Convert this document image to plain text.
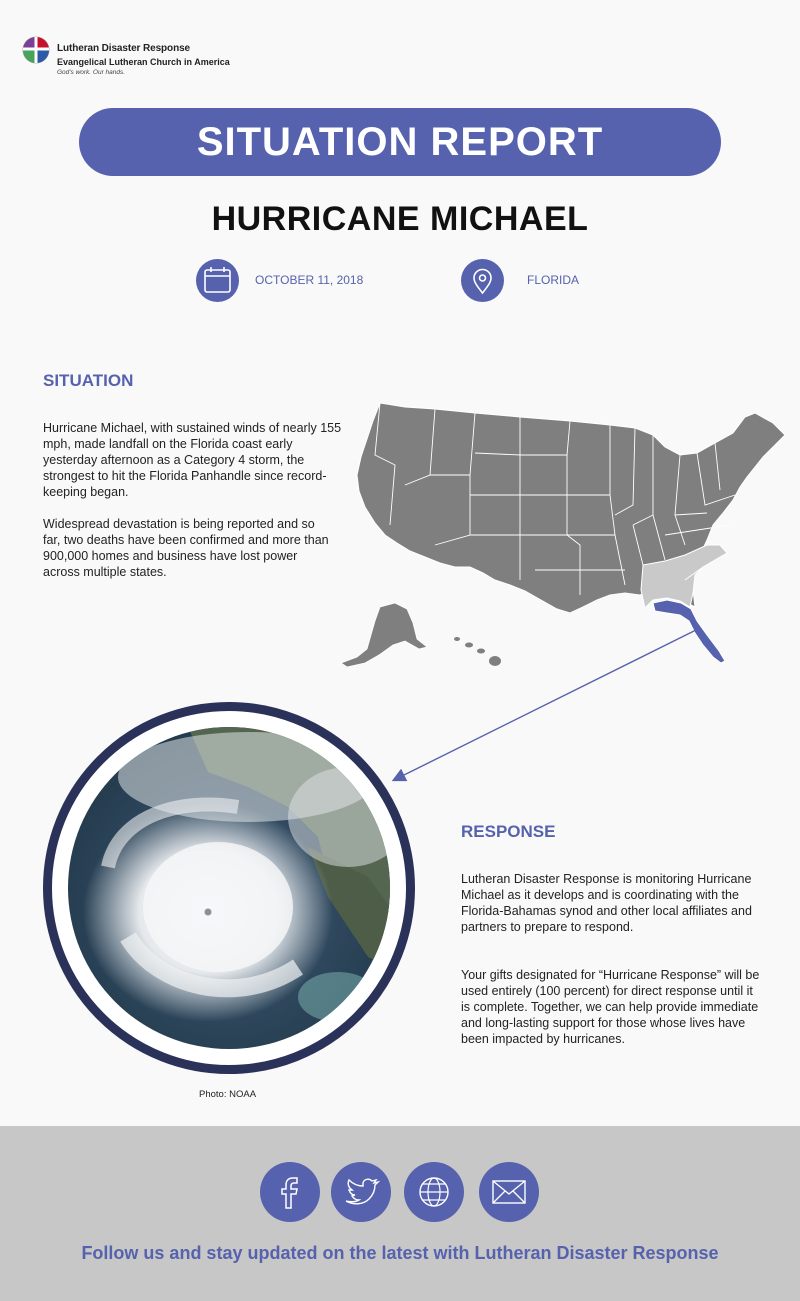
Lutheran Disaster Response
Evangelical Lutheran Church in America
God's work. Our hands.
SITUATION REPORT
HURRICANE MICHAEL
OCTOBER 11, 2018	FLORIDA
SITUATION

Hurricane Michael, with sustained winds of nearly 155 mph, made landfall on the Florida coast early yesterday afternoon as a Category 4 storm, the strongest to hit the Florida Panhandle since record-keeping began.

Widespread devastation is being reported and so far, two deaths have been confirmed and more than 900,000 homes and business have lost power across multiple states.

Photo: NOAA
RESPONSE

Lutheran Disaster Response is monitoring Hurricane Michael as it develops and is coordinating with the Florida-Bahamas synod and other local affiliates and partners to prepare to respond.

Your gifts designated for “Hurricane Response” will be used entirely (100 percent) for direct response until it is complete. Together, we can help provide immediate and long-lasting support for those whose lives have been impacted by hurricanes.

Follow us and stay updated on the latest with Lutheran Disaster Response
